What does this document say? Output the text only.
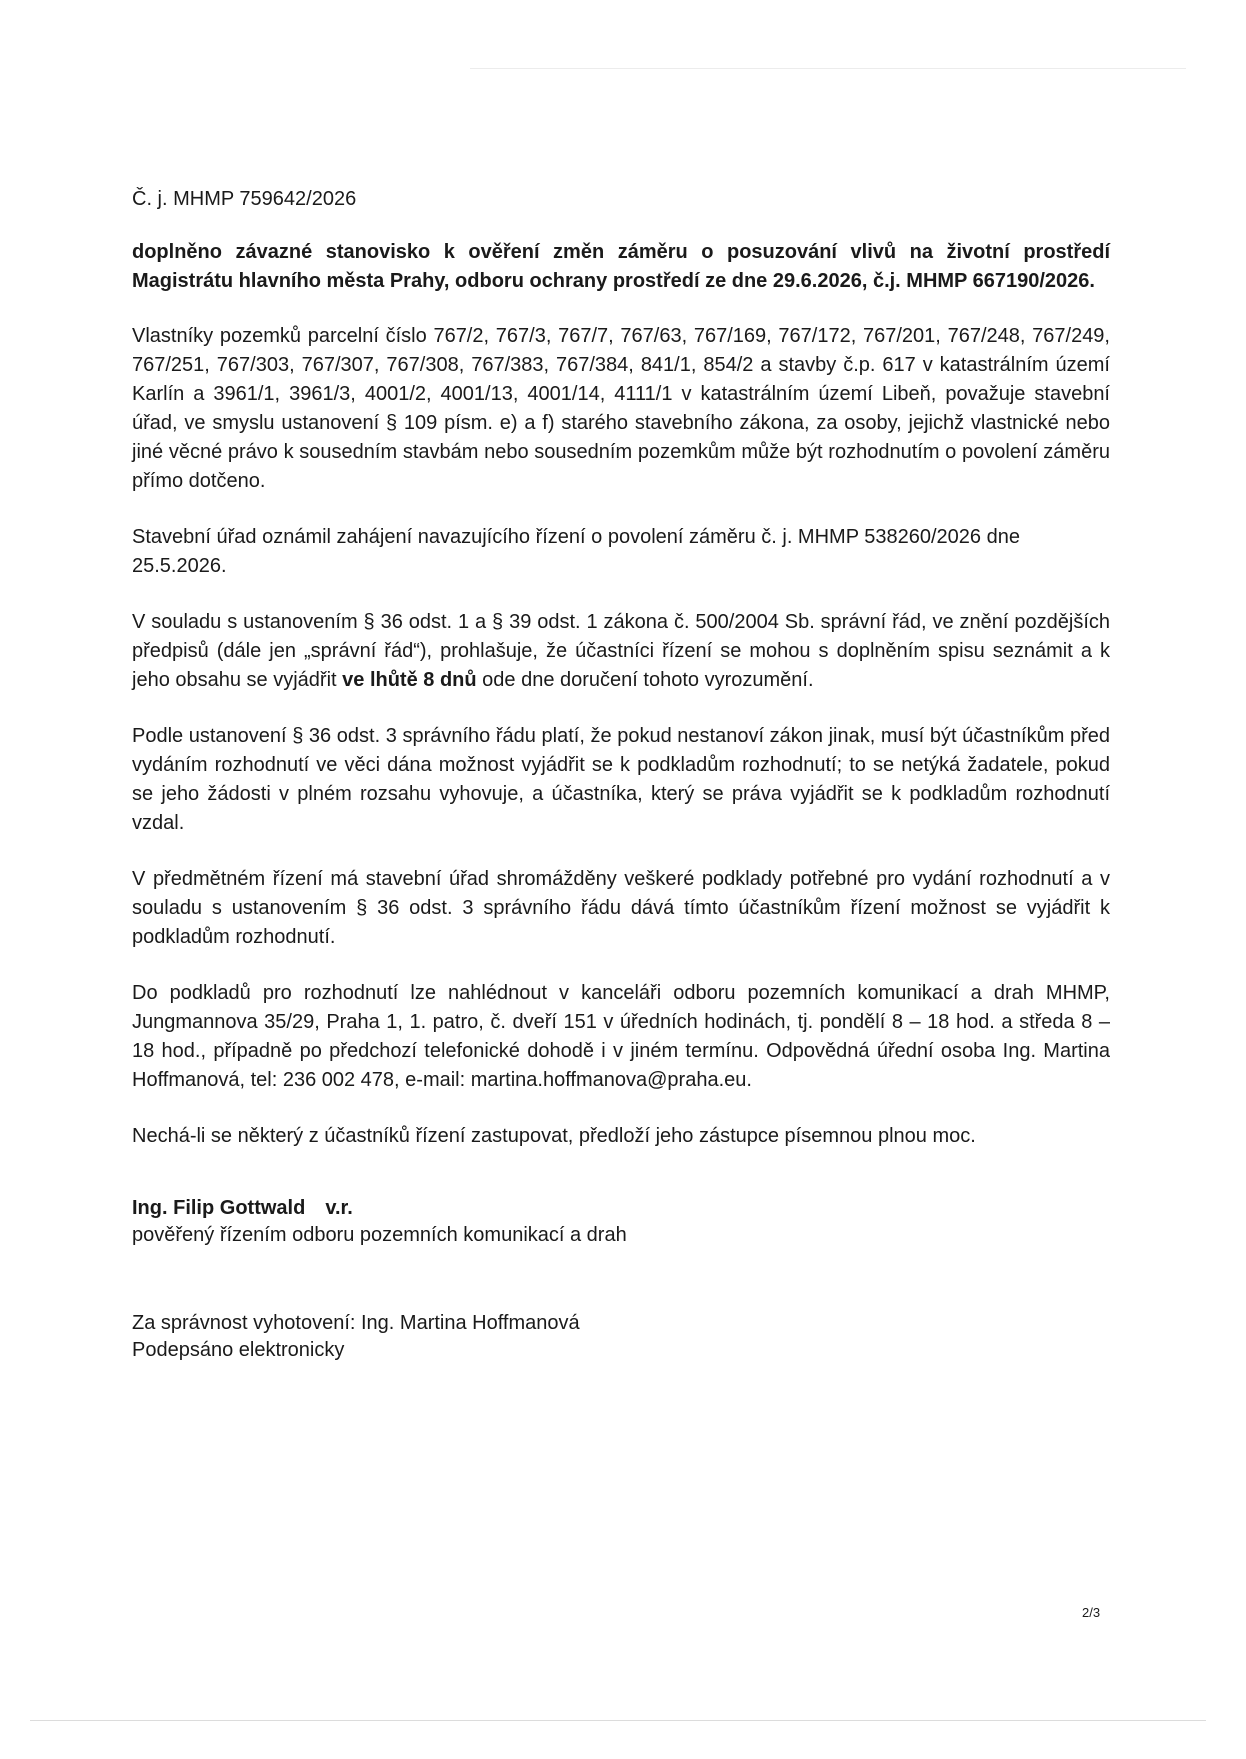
Č. j. MHMP 759642/2026
doplněno závazné stanovisko k ověření změn záměru o posuzování vlivů na životní prostředí Magistrátu hlavního města Prahy, odboru ochrany prostředí ze dne 29.6.2026, č.j. MHMP 667190/2026.

Vlastníky pozemků parcelní číslo 767/2, 767/3, 767/7, 767/63, 767/169, 767/172, 767/201, 767/248, 767/249, 767/251, 767/303, 767/307, 767/308, 767/383, 767/384, 841/1, 854/2 a stavby č.p. 617 v katastrálním území Karlín a 3961/1, 3961/3, 4001/2, 4001/13, 4001/14, 4111/1 v katastrálním území Libeň, považuje stavební úřad, ve smyslu ustanovení § 109 písm. e) a f) starého stavebního zákona, za osoby, jejichž vlastnické nebo jiné věcné právo k sousedním stavbám nebo sousedním pozemkům může být rozhodnutím o povolení záměru přímo dotčeno.

Stavební úřad oznámil zahájení navazujícího řízení o povolení záměru č. j. MHMP 538260/2026 dne 25.5.2026.

V souladu s ustanovením § 36 odst. 1 a § 39 odst. 1 zákona č. 500/2004 Sb. správní řád, ve znění pozdějších předpisů (dále jen „správní řád“), prohlašuje, že účastníci řízení se mohou s doplněním spisu seznámit a k jeho obsahu se vyjádřit ve lhůtě 8 dnů ode dne doručení tohoto vyrozumění.

Podle ustanovení § 36 odst. 3 správního řádu platí, že pokud nestanoví zákon jinak, musí být účastníkům před vydáním rozhodnutí ve věci dána možnost vyjádřit se k podkladům rozhodnutí; to se netýká žadatele, pokud se jeho žádosti v plném rozsahu vyhovuje, a účastníka, který se práva vyjádřit se k podkladům rozhodnutí vzdal.

V předmětném řízení má stavební úřad shromážděny veškeré podklady potřebné pro vydání rozhodnutí a v souladu s ustanovením § 36 odst. 3 správního řádu dává tímto účastníkům řízení možnost se vyjádřit k podkladům rozhodnutí.

Do podkladů pro rozhodnutí lze nahlédnout v kanceláři odboru pozemních komunikací a drah MHMP, Jungmannova 35/29, Praha 1, 1. patro, č. dveří 151 v úředních hodinách, tj. pondělí 8 – 18 hod. a středa 8 – 18 hod., případně po předchozí telefonické dohodě i v jiném termínu. Odpovědná úřední osoba Ing. Martina Hoffmanová, tel: 236 002 478, e-mail: martina.hoffmanova@praha.eu.

Nechá-li se některý z účastníků řízení zastupovat, předloží jeho zástupce písemnou plnou moc.

Ing. Filip Gottwald v.r.
pověřený řízením odboru pozemních komunikací a drah
Za správnost vyhotovení: Ing. Martina Hoffmanová
Podepsáno elektronicky
2/3
